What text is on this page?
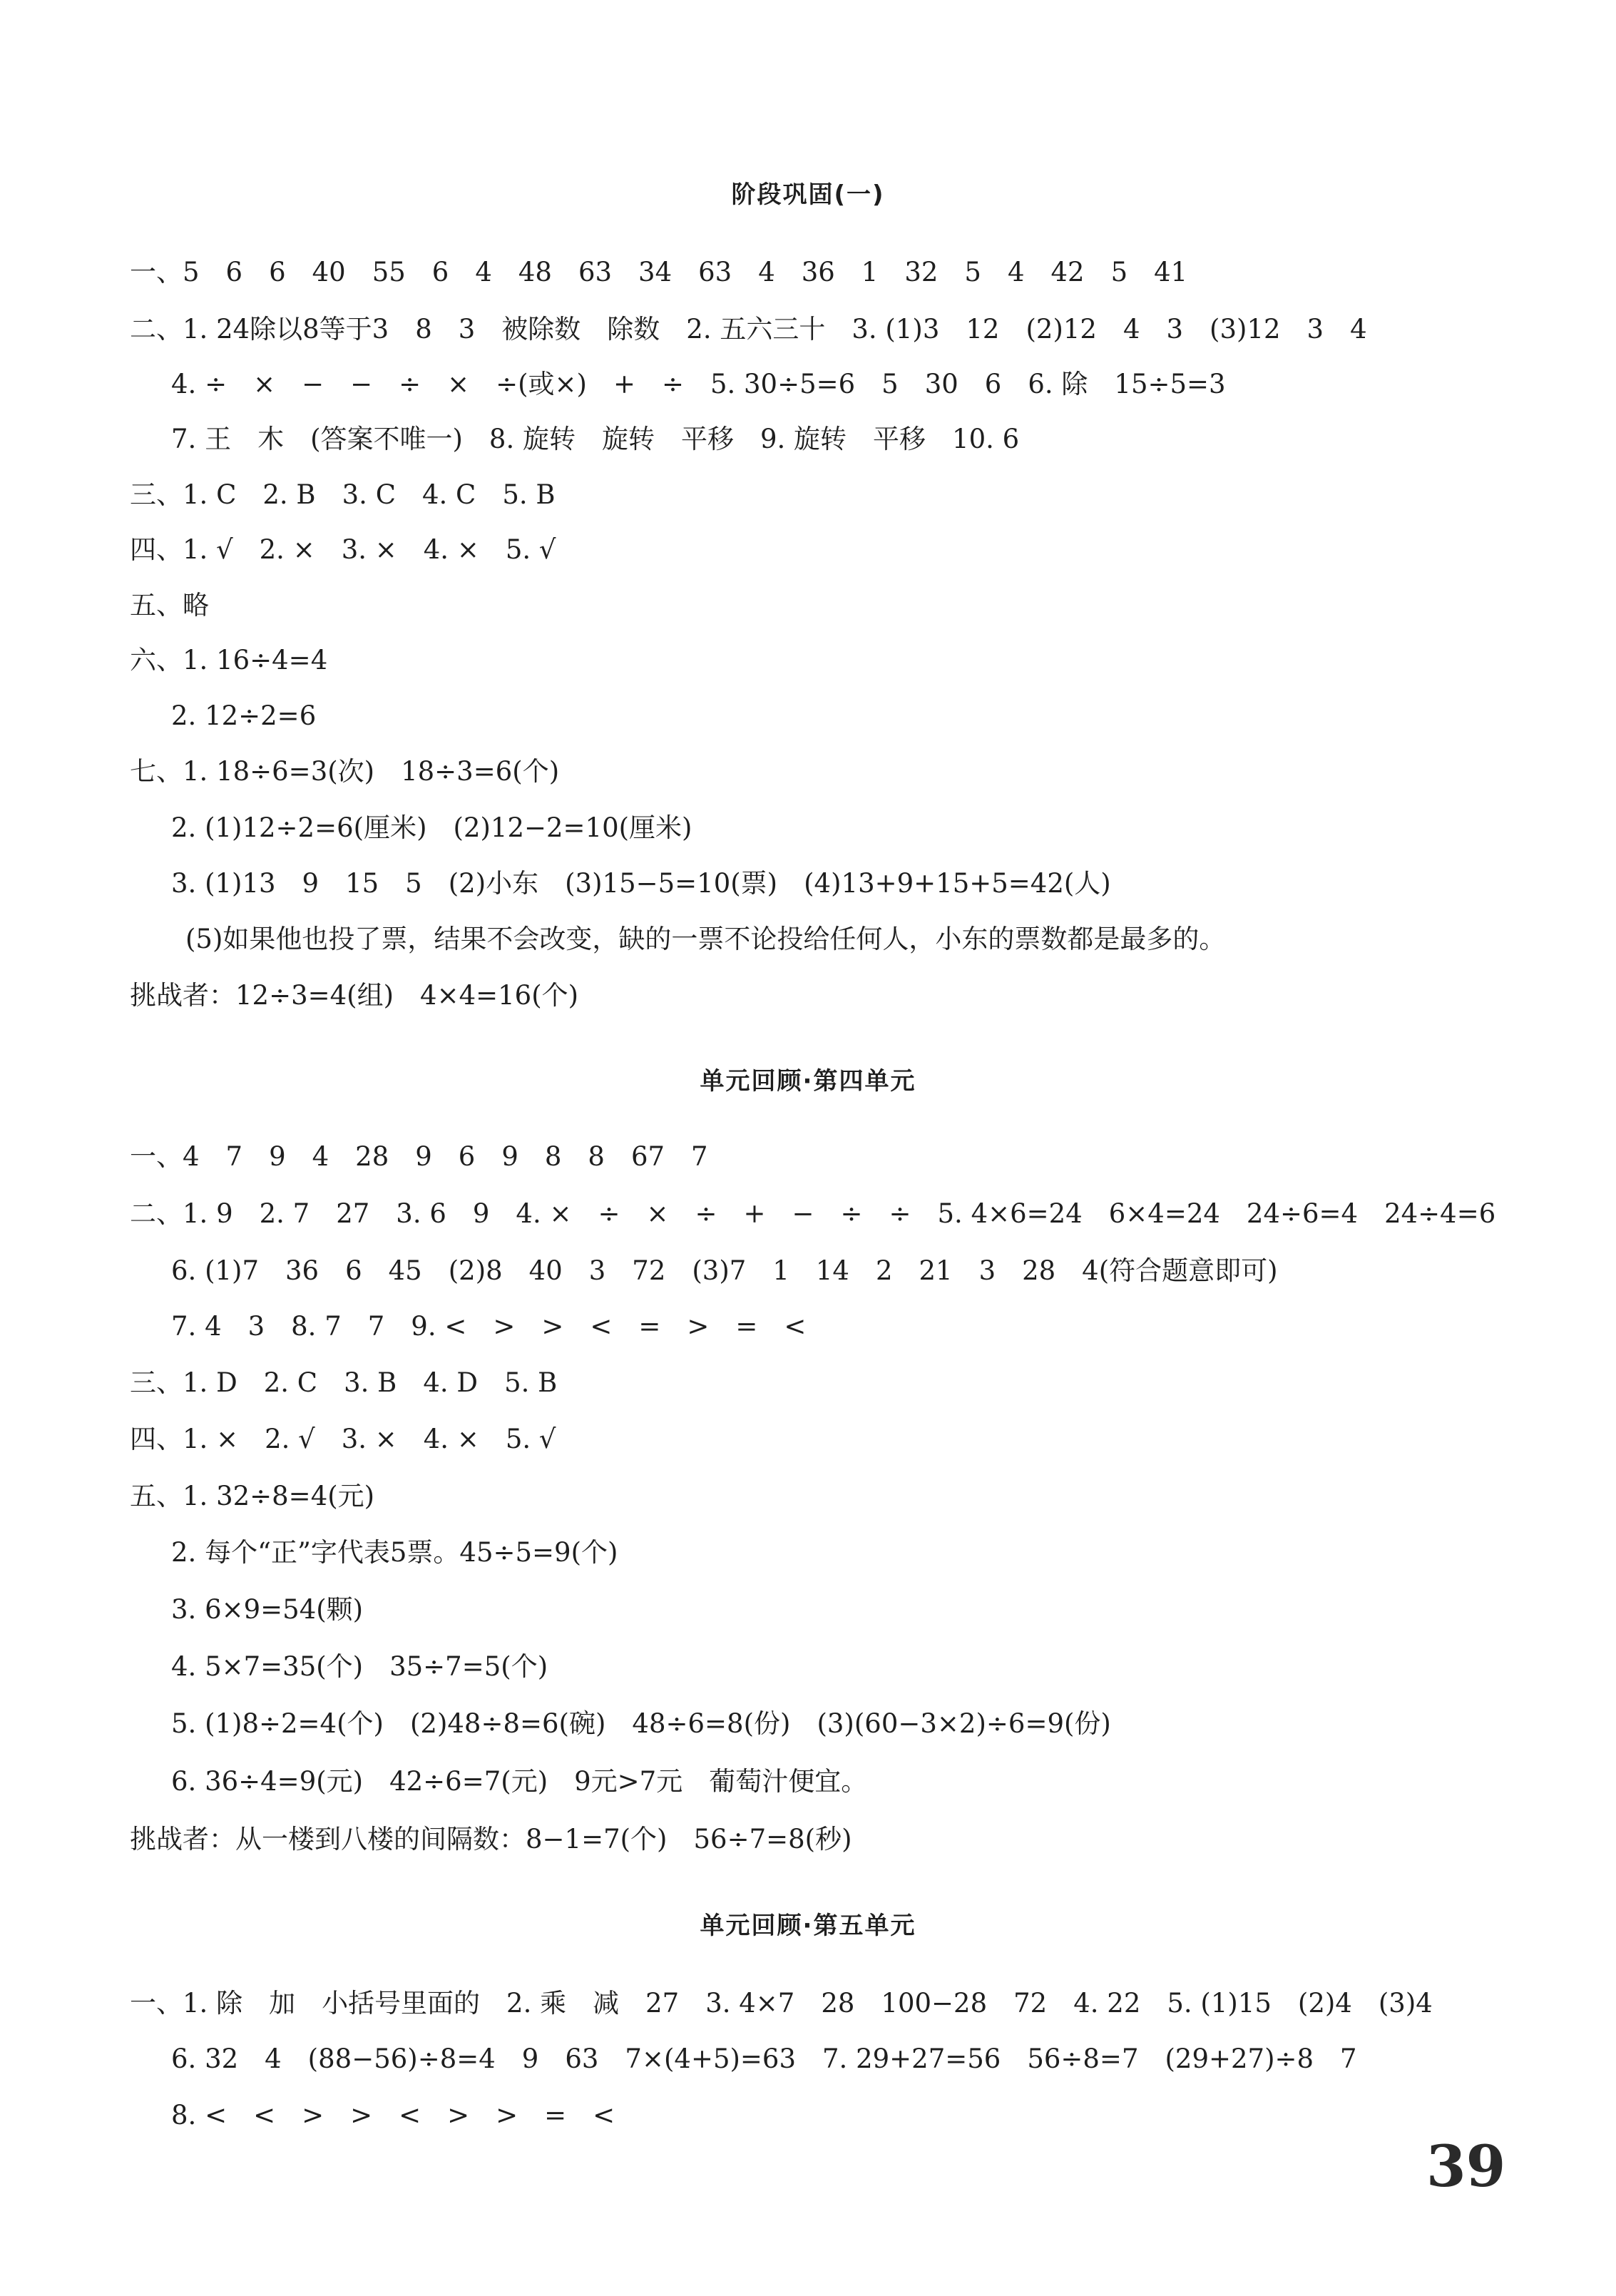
阶段巩固(一)
一、5　6　6　40　55　6　4　48　63　34　63　4　36　1　32　5　4　42　5　41
二、1. 24除以8等于3　8　3　被除数　除数　2. 五六三十　3. (1)3　12　(2)12　4　3　(3)12　3　4
4. ÷　×　−　−　÷　×　÷(或×)　+　÷　5. 30÷5=6　5　30　6　6. 除　15÷5=3
7. 王　木　(答案不唯一)　8. 旋转　旋转　平移　9. 旋转　平移　10. 6
三、1. C　2. B　3. C　4. C　5. B
四、1. √　2. ×　3. ×　4. ×　5. √
五、略
六、1. 16÷4=4
2. 12÷2=6
七、1. 18÷6=3(次)　18÷3=6(个)
2. (1)12÷2=6(厘米)　(2)12−2=10(厘米)
3. (1)13　9　15　5　(2)小东　(3)15−5=10(票)　(4)13+9+15+5=42(人)
(5)如果他也投了票，结果不会改变，缺的一票不论投给任何人，小东的票数都是最多的。
挑战者：12÷3=4(组)　4×4=16(个)
单元回顾·第四单元
一、4　7　9　4　28　9　6　9　8　8　67　7
二、1. 9　2. 7　27　3. 6　9　4. ×　÷　×　÷　+　−　÷　÷　5. 4×6=24　6×4=24　24÷6=4　24÷4=6
6. (1)7　36　6　45　(2)8　40　3　72　(3)7　1　14　2　21　3　28　4(符合题意即可)
7. 4　3　8. 7　7　9. <　>　>　<　=　>　=　<
三、1. D　2. C　3. B　4. D　5. B
四、1. ×　2. √　3. ×　4. ×　5. √
五、1. 32÷8=4(元)
2. 每个“正”字代表5票。45÷5=9(个)
3. 6×9=54(颗)
4. 5×7=35(个)　35÷7=5(个)
5. (1)8÷2=4(个)　(2)48÷8=6(碗)　48÷6=8(份)　(3)(60−3×2)÷6=9(份)
6. 36÷4=9(元)　42÷6=7(元)　9元>7元　葡萄汁便宜。
挑战者：从一楼到八楼的间隔数：8−1=7(个)　56÷7=8(秒)
单元回顾·第五单元
一、1. 除　加　小括号里面的　2. 乘　减　27　3. 4×7　28　100−28　72　4. 22　5. (1)15　(2)4　(3)4
6. 32　4　(88−56)÷8=4　9　63　7×(4+5)=63　7. 29+27=56　56÷8=7　(29+27)÷8　7
8. <　<　>　>　<　>　>　=　<
39
